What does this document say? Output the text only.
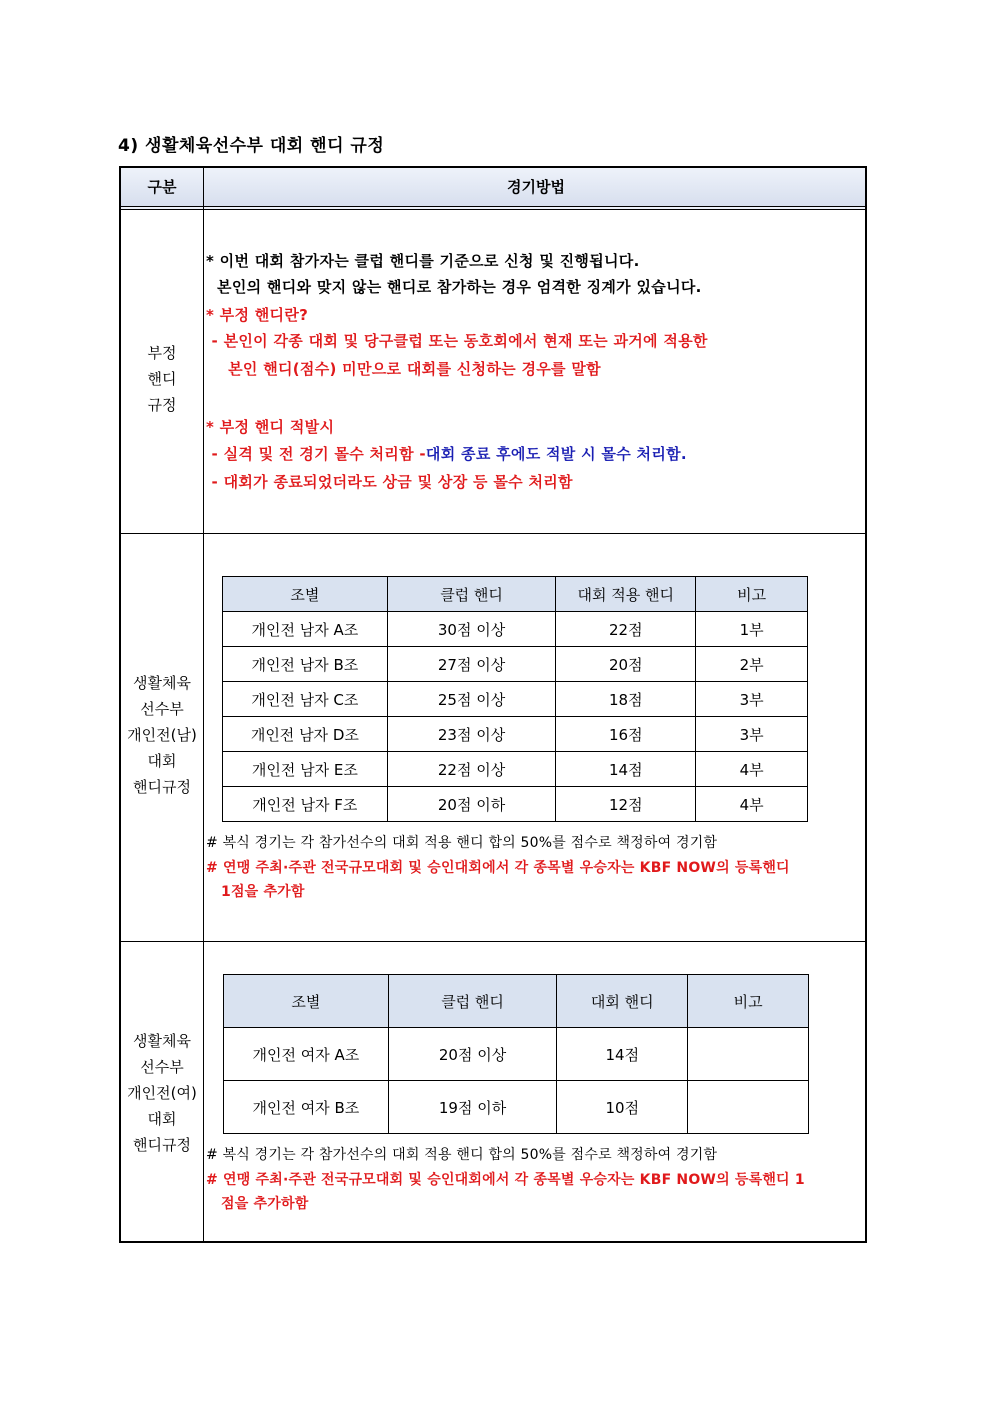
4) 생활체육선수부 대회 핸디 규정
구분	경기방법
부정
핸디
규정
* 이번 대회 참가자는 클럽 핸디를 기준으로 신청 및 진행됩니다.
본인의 핸디와 맞지 않는 핸디로 참가하는 경우 엄격한 징계가 있습니다.
* 부정 핸디란?
- 본인이 각종 대회 및 당구클럽 또는 동호회에서 현재 또는 과거에 적용한
본인 핸디(점수) 미만으로 대회를 신청하는 경우를 말함
* 부정 핸디 적발시
- 실격 및 전 경기 몰수 처리함 -대회 종료 후에도 적발 시 몰수 처리함.
- 대회가 종료되었더라도 상금 및 상장 등 몰수 처리함
생활체육
선수부
개인전(남)
대회
핸디규정
조별	클럽 핸디	대회 적용 핸디	비고
개인전 남자 A조	30점 이상	22점	1부
개인전 남자 B조	27점 이상	20점	2부
개인전 남자 C조	25점 이상	18점	3부
개인전 남자 D조	23점 이상	16점	3부
개인전 남자 E조	22점 이상	14점	4부
개인전 남자 F조	20점 이하	12점	4부
# 복식 경기는 각 참가선수의 대회 적용 핸디 합의 50%를 점수로 책정하여 경기함
# 연맹 주최·주관 전국규모대회 및 승인대회에서 각 종목별 우승자는 KBF NOW의 등록핸디
1점을 추가함
생활체육
선수부
개인전(여)
대회
핸디규정
조별	클럽 핸디	대회 핸디	비고
개인전 여자 A조	20점 이상	14점	
개인전 여자 B조	19점 이하	10점	
# 복식 경기는 각 참가선수의 대회 적용 핸디 합의 50%를 점수로 책정하여 경기함
# 연맹 주최·주관 전국규모대회 및 승인대회에서 각 종목별 우승자는 KBF NOW의 등록핸디 1
점을 추가하함
